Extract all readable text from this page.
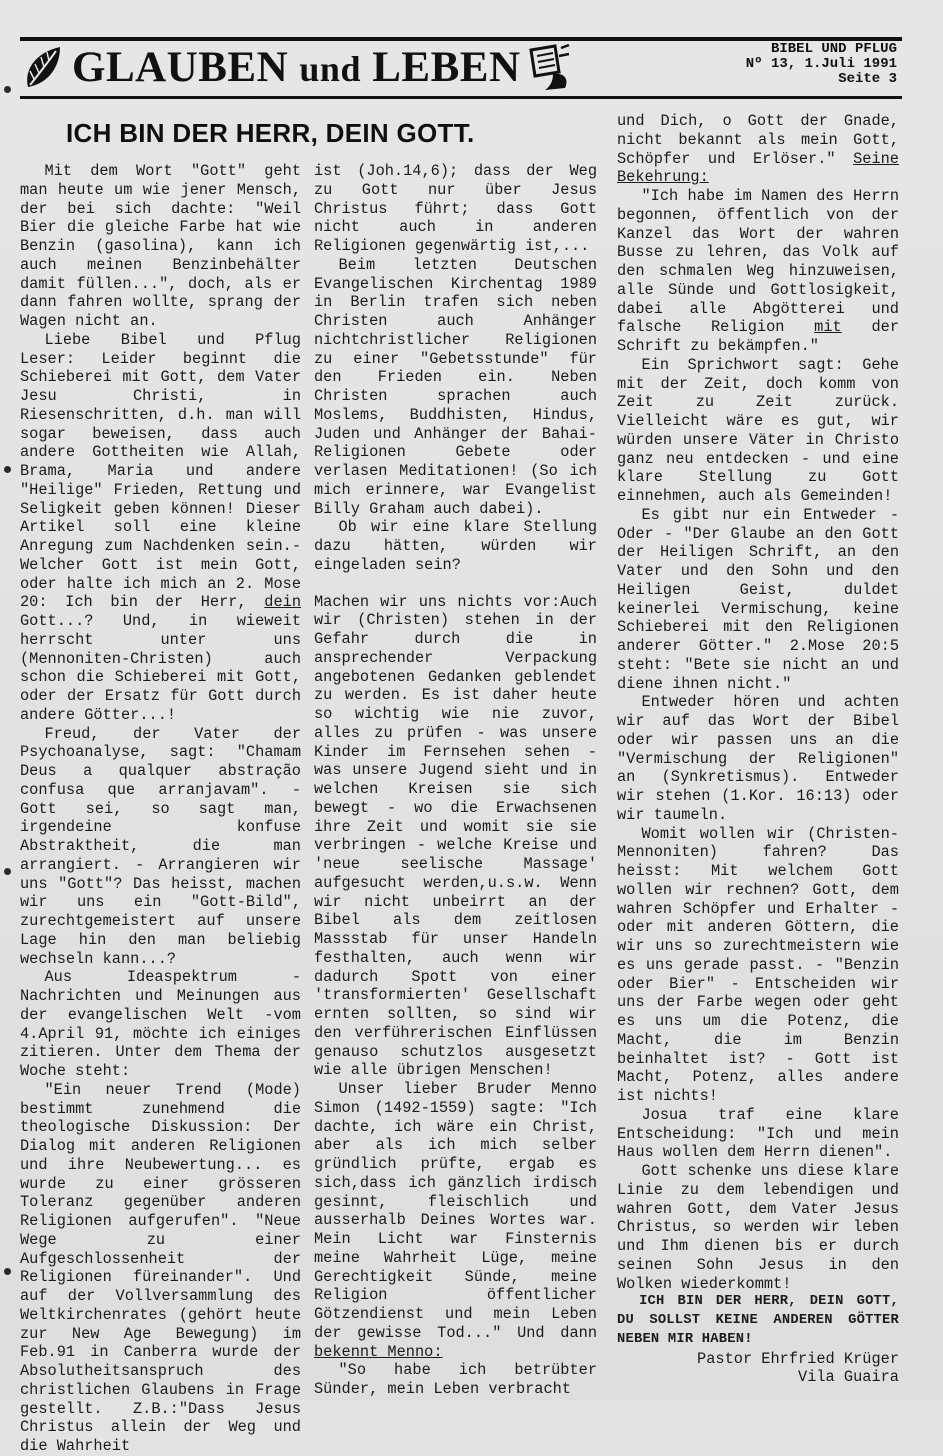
GLAUBEN und LEBEN	BIBEL UND PFLUG
Nº 13, 1.Juli 1991
Seite 3
ICH BIN DER HERR, DEIN GOTT.

Mit dem Wort "Gott" geht man heute um wie jener Mensch, der bei sich dachte: "Weil Bier die gleiche Farbe hat wie Benzin (gasolina), kann ich auch meinen Benzinbehälter damit füllen...", doch, als er dann fahren wollte, sprang der Wagen nicht an.

Liebe Bibel und Pflug Leser: Leider beginnt die Schieberei mit Gott, dem Vater Jesu Christi, in Riesenschritten, d.h. man will sogar beweisen, dass auch andere Gottheiten wie Allah, Brama, Maria und andere "Heilige" Frieden, Rettung und Seligkeit geben können! Dieser Artikel soll eine kleine Anregung zum Nachdenken sein.- Welcher Gott ist mein Gott, oder halte ich mich an 2. Mose 20: Ich bin der Herr, dein Gott...? Und, in wieweit herrscht unter uns (Mennoniten-Christen) auch schon die Schieberei mit Gott, oder der Ersatz für Gott durch andere Götter...!

Freud, der Vater der Psychoanalyse, sagt: "Chamam Deus a qualquer abstração confusa que arranjavam". - Gott sei, so sagt man, irgendeine konfuse Abstraktheit, die man arrangiert. - Arrangieren wir uns "Gott"? Das heisst, machen wir uns ein "Gott-Bild", zurechtgemeistert auf unsere Lage hin den man beliebig wechseln kann...?

Aus Ideaspektrum - Nachrichten und Meinungen aus der evangelischen Welt -vom 4.April 91, möchte ich einiges zitieren. Unter dem Thema der Woche steht:

"Ein neuer Trend (Mode) bestimmt zunehmend die theologische Diskussion: Der Dialog mit anderen Religionen und ihre Neubewertung... es wurde zu einer grösseren Toleranz gegenüber anderen Religionen aufgerufen". "Neue Wege zu einer Aufgeschlossenheit der Religionen füreinander". Und auf der Vollversammlung des Weltkirchenrates (gehört heute zur New Age Bewegung) im Feb.91 in Canberra wurde der Absolutheitsanspruch des christlichen Glaubens in Frage gestellt. Z.B.:"Dass Jesus Christus allein der Weg und die Wahrheit

ist (Joh.14,6); dass der Weg zu Gott nur über Jesus Christus führt; dass Gott nicht auch in anderen Religionen gegenwärtig ist,...

Beim letzten Deutschen Evangelischen Kirchentag 1989 in Berlin trafen sich neben Christen auch Anhänger nichtchristlicher Religionen zu einer "Gebetsstunde" für den Frieden ein. Neben Christen sprachen auch Moslems, Buddhisten, Hindus, Juden und Anhänger der Bahai-Religionen Gebete oder verlasen Meditationen! (So ich mich erinnere, war Evangelist Billy Graham auch dabei).

Ob wir eine klare Stellung dazu hätten, würden wir eingeladen sein?

Machen wir uns nichts vor:Auch wir (Christen) stehen in der Gefahr durch die in ansprechender Verpackung angebotenen Gedanken geblendet zu werden. Es ist daher heute so wichtig wie nie zuvor, alles zu prüfen - was unsere Kinder im Fernsehen sehen - was unsere Jugend sieht und in welchen Kreisen sie sich bewegt - wo die Erwachsenen ihre Zeit und womit sie sie verbringen - welche Kreise und 'neue seelische Massage' aufgesucht werden,u.s.w. Wenn wir nicht unbeirrt an der Bibel als dem zeitlosen Massstab für unser Handeln festhalten, auch wenn wir dadurch Spott von einer 'transformierten' Gesellschaft ernten sollten, so sind wir den verführerischen Einflüssen genauso schutzlos ausgesetzt wie alle übrigen Menschen!

Unser lieber Bruder Menno Simon (1492-1559) sagte: "Ich dachte, ich wäre ein Christ, aber als ich mich selber gründlich prüfte, ergab es sich,dass ich gänzlich irdisch gesinnt, fleischlich und ausserhalb Deines Wortes war. Mein Licht war Finsternis meine Wahrheit Lüge, meine Gerechtigkeit Sünde, meine Religion öffentlicher Götzendienst und mein Leben der gewisse Tod..." Und dann bekennt Menno:

"So habe ich betrübter Sünder, mein Leben verbracht

und Dich, o Gott der Gnade, nicht bekannt als mein Gott, Schöpfer und Erlöser." Seine Bekehrung:

"Ich habe im Namen des Herrn begonnen, öffentlich von der Kanzel das Wort der wahren Busse zu lehren, das Volk auf den schmalen Weg hinzuweisen, alle Sünde und Gottlosigkeit, dabei alle Abgötterei und falsche Religion mit der Schrift zu bekämpfen."

Ein Sprichwort sagt: Gehe mit der Zeit, doch komm von Zeit zu Zeit zurück. Vielleicht wäre es gut, wir würden unsere Väter in Christo ganz neu entdecken - und eine klare Stellung zu Gott einnehmen, auch als Gemeinden!

Es gibt nur ein Entweder - Oder - "Der Glaube an den Gott der Heiligen Schrift, an den Vater und den Sohn und den Heiligen Geist, duldet keinerlei Vermischung, keine Schieberei mit den Religionen anderer Götter." 2.Mose 20:5 steht: "Bete sie nicht an und diene ihnen nicht."

Entweder hören und achten wir auf das Wort der Bibel oder wir passen uns an die "Vermischung der Religionen" an (Synkretismus). Entweder wir stehen (1.Kor. 16:13) oder wir taumeln.

Womit wollen wir (Christen-Mennoniten) fahren? Das heisst: Mit welchem Gott wollen wir rechnen? Gott, dem wahren Schöpfer und Erhalter - oder mit anderen Göttern, die wir uns so zurechtmeistern wie es uns gerade passt. - "Benzin oder Bier" - Entscheiden wir uns der Farbe wegen oder geht es uns um die Potenz, die Macht, die im Benzin beinhaltet ist? - Gott ist Macht, Potenz, alles andere ist nichts!

Josua traf eine klare Entscheidung: "Ich und mein Haus wollen dem Herrn dienen".

Gott schenke uns diese klare Linie zu dem lebendigen und wahren Gott, dem Vater Jesus Christus, so werden wir leben und Ihm dienen bis er durch seinen Sohn Jesus in den Wolken wiederkommt!

ICH BIN DER HERR, DEIN GOTT, DU SOLLST KEINE ANDEREN GÖTTER NEBEN MIR HABEN!

Pastor Ehrfried Krüger

Vila Guaira
